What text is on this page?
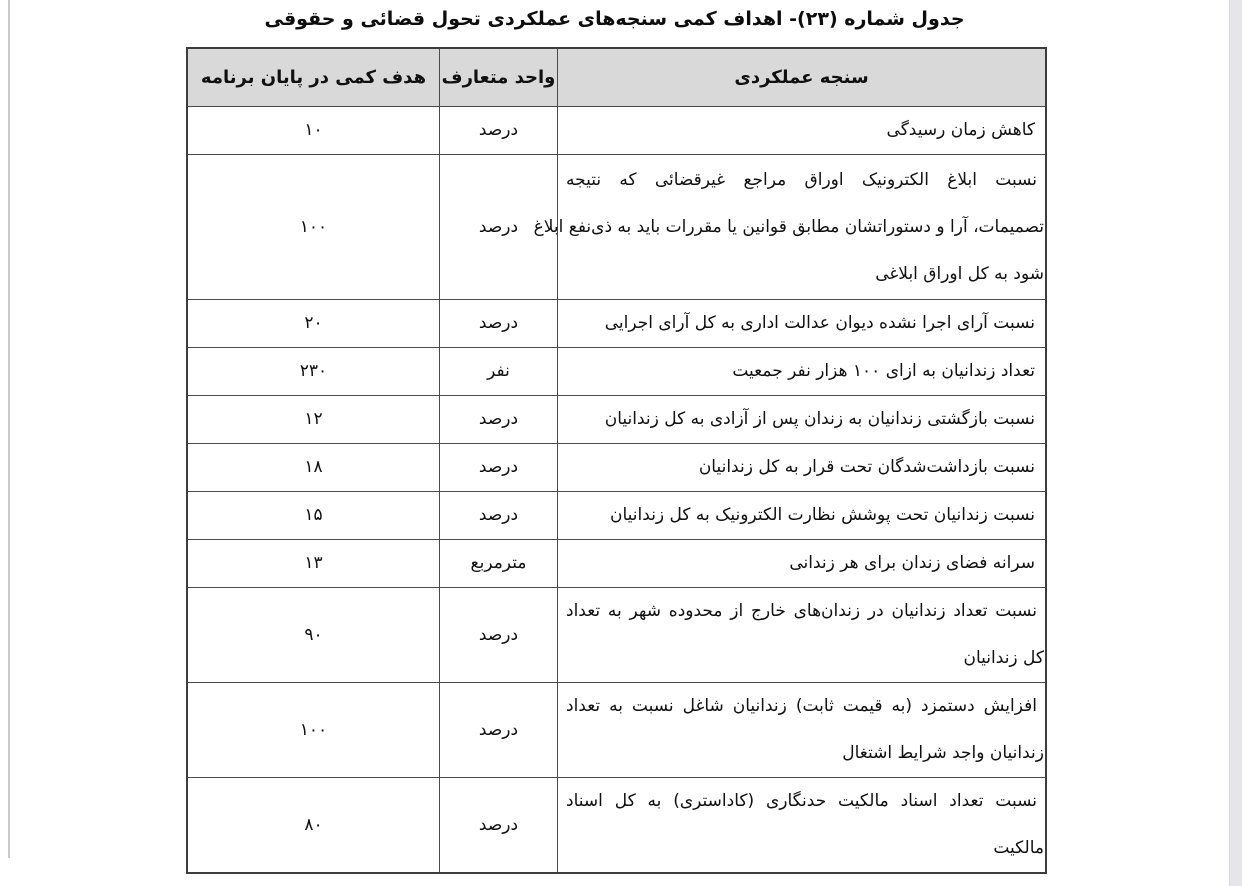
جدول شماره (۲۳)- اهداف کمی سنجه‌های عملکردی تحول قضائی و حقوقی
سنجه عملکردی
واحد متعارف
هدف کمی در پایان برنامه
کاهش زمان رسیدگی
درصد
۱۰
نسبت ابلاغ الکترونیک اوراق مراجع غیرقضائی که نتیجه
تصمیمات، آرا و دستوراتشان مطابق قوانین یا مقررات باید به ذی‌نفع ابلاغ
شود به کل اوراق ابلاغی
درصد
۱۰۰
نسبت آرای اجرا نشده دیوان عدالت اداری به کل آرای اجرایی
درصد
۲۰
تعداد زندانیان به ازای ۱۰۰ هزار نفر جمعیت
نفر
۲۳۰
نسبت بازگشتی زندانیان به زندان پس از آزادی به کل زندانیان
درصد
۱۲
نسبت بازداشت‌شدگان تحت قرار به کل زندانیان
درصد
۱۸
نسبت زندانیان تحت پوشش نظارت الکترونیک به کل زندانیان
درصد
۱۵
سرانه فضای زندان برای هر زندانی
مترمربع
۱۳
نسبت تعداد زندانیان در زندان‌های خارج از محدوده شهر به تعداد
کل زندانیان
درصد
۹۰
افزایش دستمزد (به قیمت ثابت) زندانیان شاغل نسبت به تعداد
زندانیان واجد شرایط اشتغال
درصد
۱۰۰
نسبت تعداد اسناد مالکیت حدنگاری (کاداستری) به کل اسناد
مالکیت
درصد
۸۰
